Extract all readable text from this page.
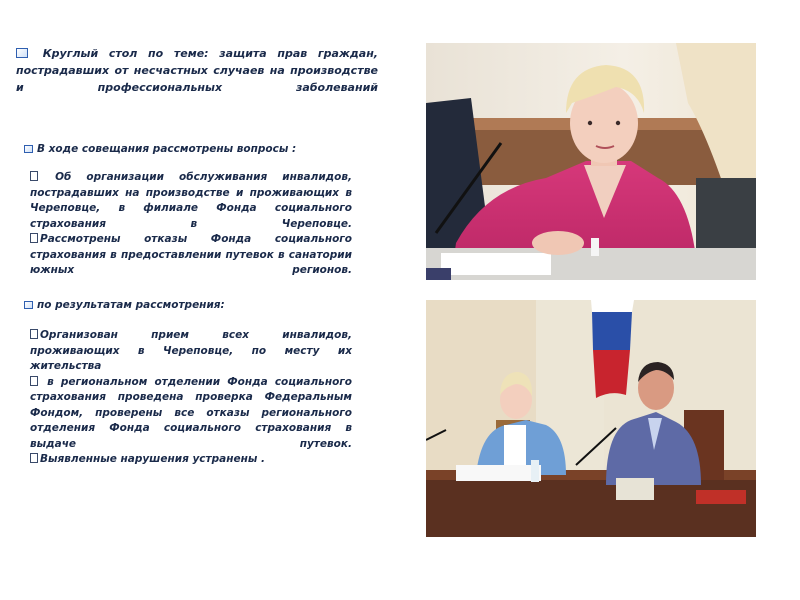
Круглый стол по теме: защита прав граждан, пострадавших от несчастных случаев на производстве и профессиональных заболеваний
В ходе совещания рассмотрены вопросы :
Об организации обслуживания инвалидов, пострадавших на производстве и проживающих в Череповце, в филиале Фонда социального страхования в Череповце.
Рассмотрены отказы Фонда социального страхования в предоставлении путевок в санатории южных регионов.
по результатам рассмотрения:
Организован прием всех инвалидов, проживающих в Череповце, по месту их жительства
в региональном отделении Фонда социального страхования проведена проверка Федеральным Фондом, проверены все отказы регионального отделения Фонда социального страхования в выдаче путевок.
Выявленные нарушения устранены .
